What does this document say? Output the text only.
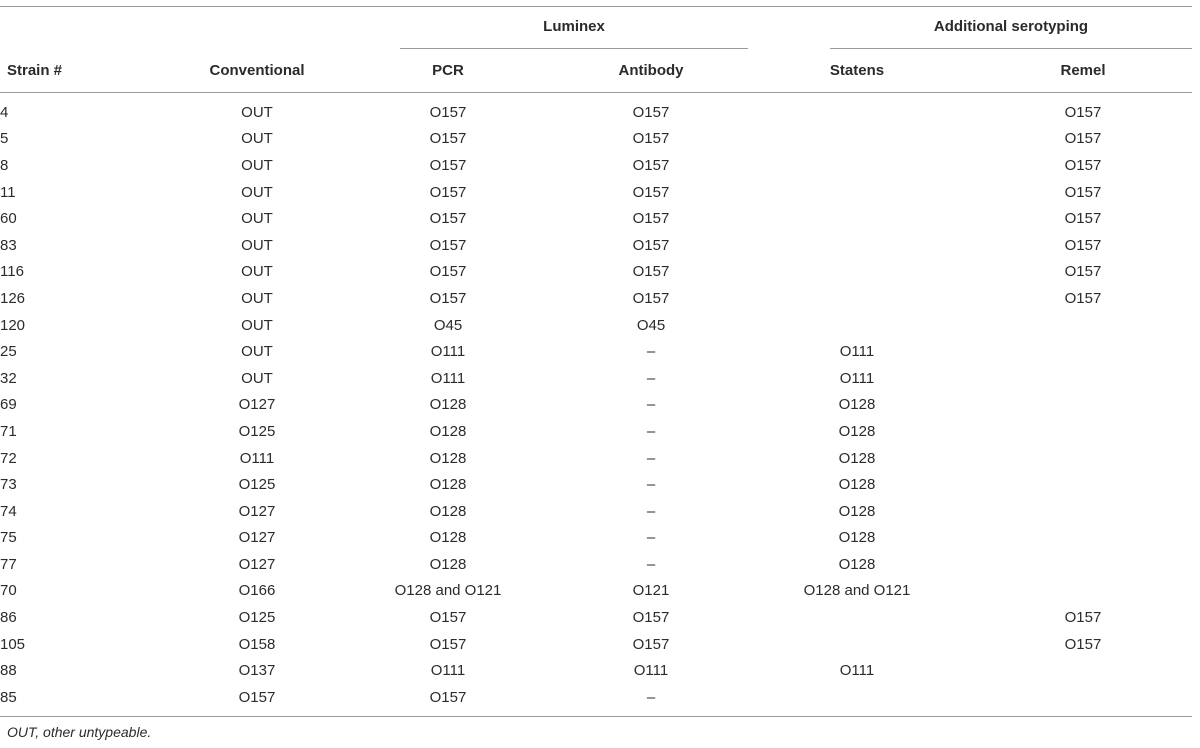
Luminex	Additional serotyping
Strain #	Conventional	PCR	Antibody	Statens	Remel
4	OUT	O157	O157		O157
5	OUT	O157	O157		O157
8	OUT	O157	O157		O157
11	OUT	O157	O157		O157
60	OUT	O157	O157		O157
83	OUT	O157	O157		O157
116	OUT	O157	O157		O157
126	OUT	O157	O157		O157
120	OUT	O45	O45		
25	OUT	O111	–	O111	
32	OUT	O111	–	O111	
69	O127	O128	–	O128	
71	O125	O128	–	O128	
72	O111	O128	–	O128	
73	O125	O128	–	O128	
74	O127	O128	–	O128	
75	O127	O128	–	O128	
77	O127	O128	–	O128	
70	O166	O128 and O121	O121	O128 and O121	
86	O125	O157	O157		O157
105	O158	O157	O157		O157
88	O137	O111	O111	O111	
85	O157	O157	–		
OUT, other untypeable.
